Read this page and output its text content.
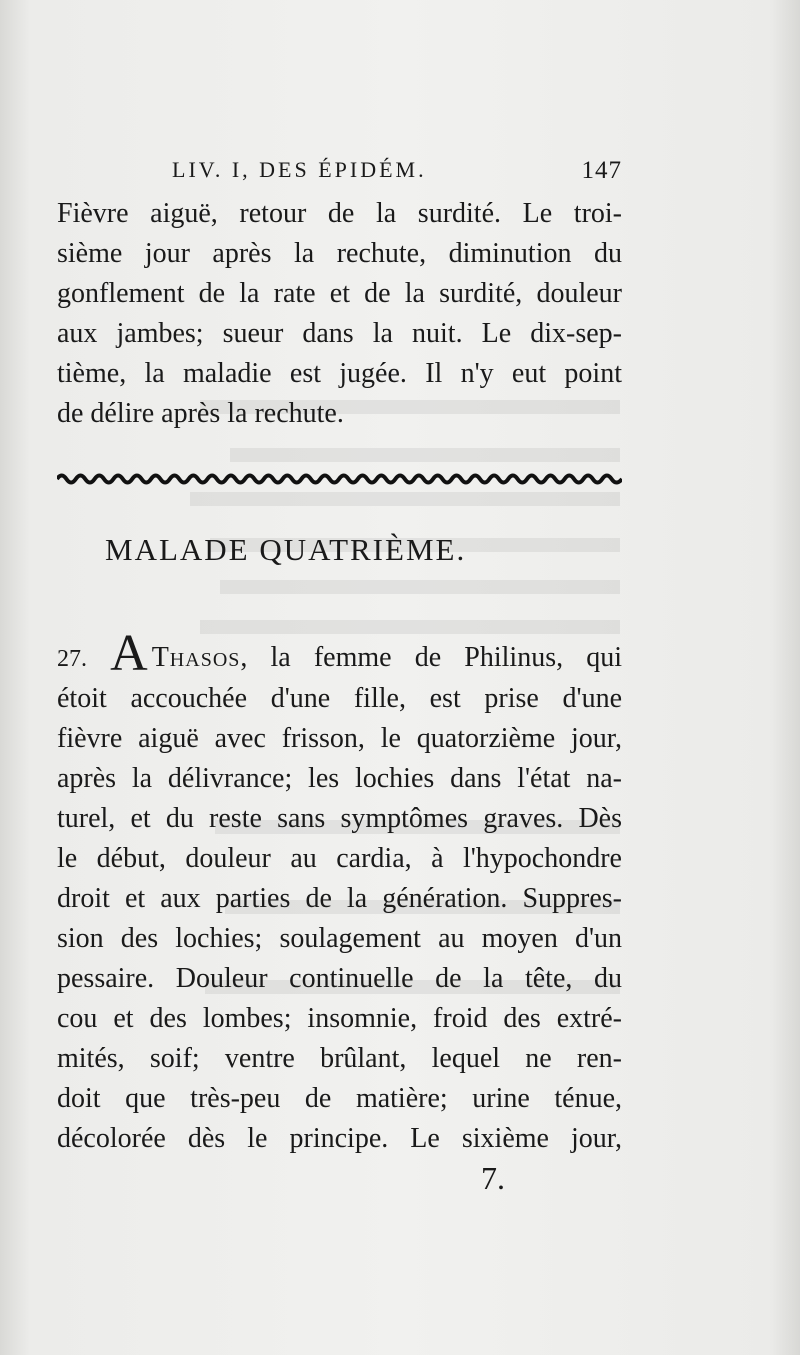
LIV. I, DES ÉPIDÉM.	147
Fièvre aiguë, retour de la surdité. Le troi-
sième jour après la rechute, diminution du
gonflement de la rate et de la surdité, douleur
aux jambes; sueur dans la nuit. Le dix-sep-
tième, la maladie est jugée. Il n'y eut point
de délire après la rechute.
MALADE QUATRIÈME.
27. A Thasos, la femme de Philinus, qui
étoit accouchée d'une fille, est prise d'une
fièvre aiguë avec frisson, le quatorzième jour,
après la délivrance; les lochies dans l'état na-
turel, et du reste sans symptômes graves. Dès
le début, douleur au cardia, à l'hypochondre
droit et aux parties de la génération. Suppres-
sion des lochies; soulagement au moyen d'un
pessaire. Douleur continuelle de la tête, du
cou et des lombes; insomnie, froid des extré-
mités, soif; ventre brûlant, lequel ne ren-
doit que très-peu de matière; urine ténue,
décolorée dès le principe. Le sixième jour,
7.
